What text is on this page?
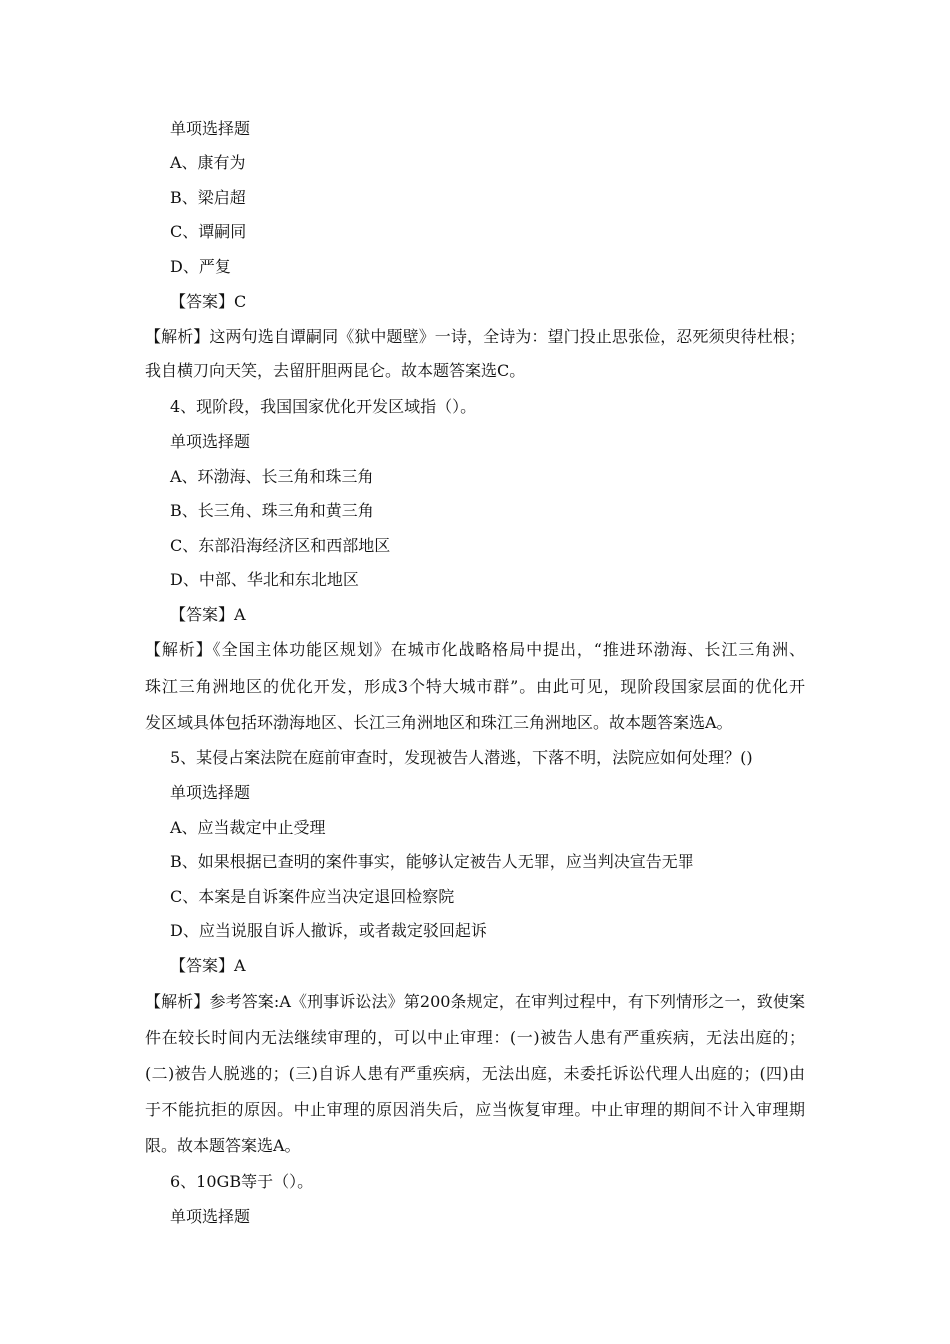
单项选择题
A、康有为
B、梁启超
C、谭嗣同
D、严复
【答案】C
【解析】这两句选自谭嗣同《狱中题壁》一诗，全诗为：望门投止思张俭，忍死须臾待杜根；
我自横刀向天笑，去留肝胆两昆仑。故本题答案选C。
4、现阶段，我国国家优化开发区域指（）。
单项选择题
A、环渤海、长三角和珠三角
B、长三角、珠三角和黄三角
C、东部沿海经济区和西部地区
D、中部、华北和东北地区
【答案】A
【解析】《全国主体功能区规划》在城市化战略格局中提出，“推进环渤海、长江三角洲、
珠江三角洲地区的优化开发，形成3个特大城市群”。由此可见，现阶段国家层面的优化开
发区域具体包括环渤海地区、长江三角洲地区和珠江三角洲地区。故本题答案选A。
5、某侵占案法院在庭前审查时，发现被告人潜逃，下落不明，法院应如何处理？()
单项选择题
A、应当裁定中止受理
B、如果根据已查明的案件事实，能够认定被告人无罪，应当判决宣告无罪
C、本案是自诉案件应当决定退回检察院
D、应当说服自诉人撤诉，或者裁定驳回起诉
【答案】A
【解析】参考答案:A《刑事诉讼法》第200条规定，在审判过程中，有下列情形之一，致使案
件在较长时间内无法继续审理的，可以中止审理：(一)被告人患有严重疾病，无法出庭的；
(二)被告人脱逃的；(三)自诉人患有严重疾病，无法出庭，未委托诉讼代理人出庭的；(四)由
于不能抗拒的原因。中止审理的原因消失后，应当恢复审理。中止审理的期间不计入审理期
限。故本题答案选A。
6、10GB等于（）。
单项选择题
